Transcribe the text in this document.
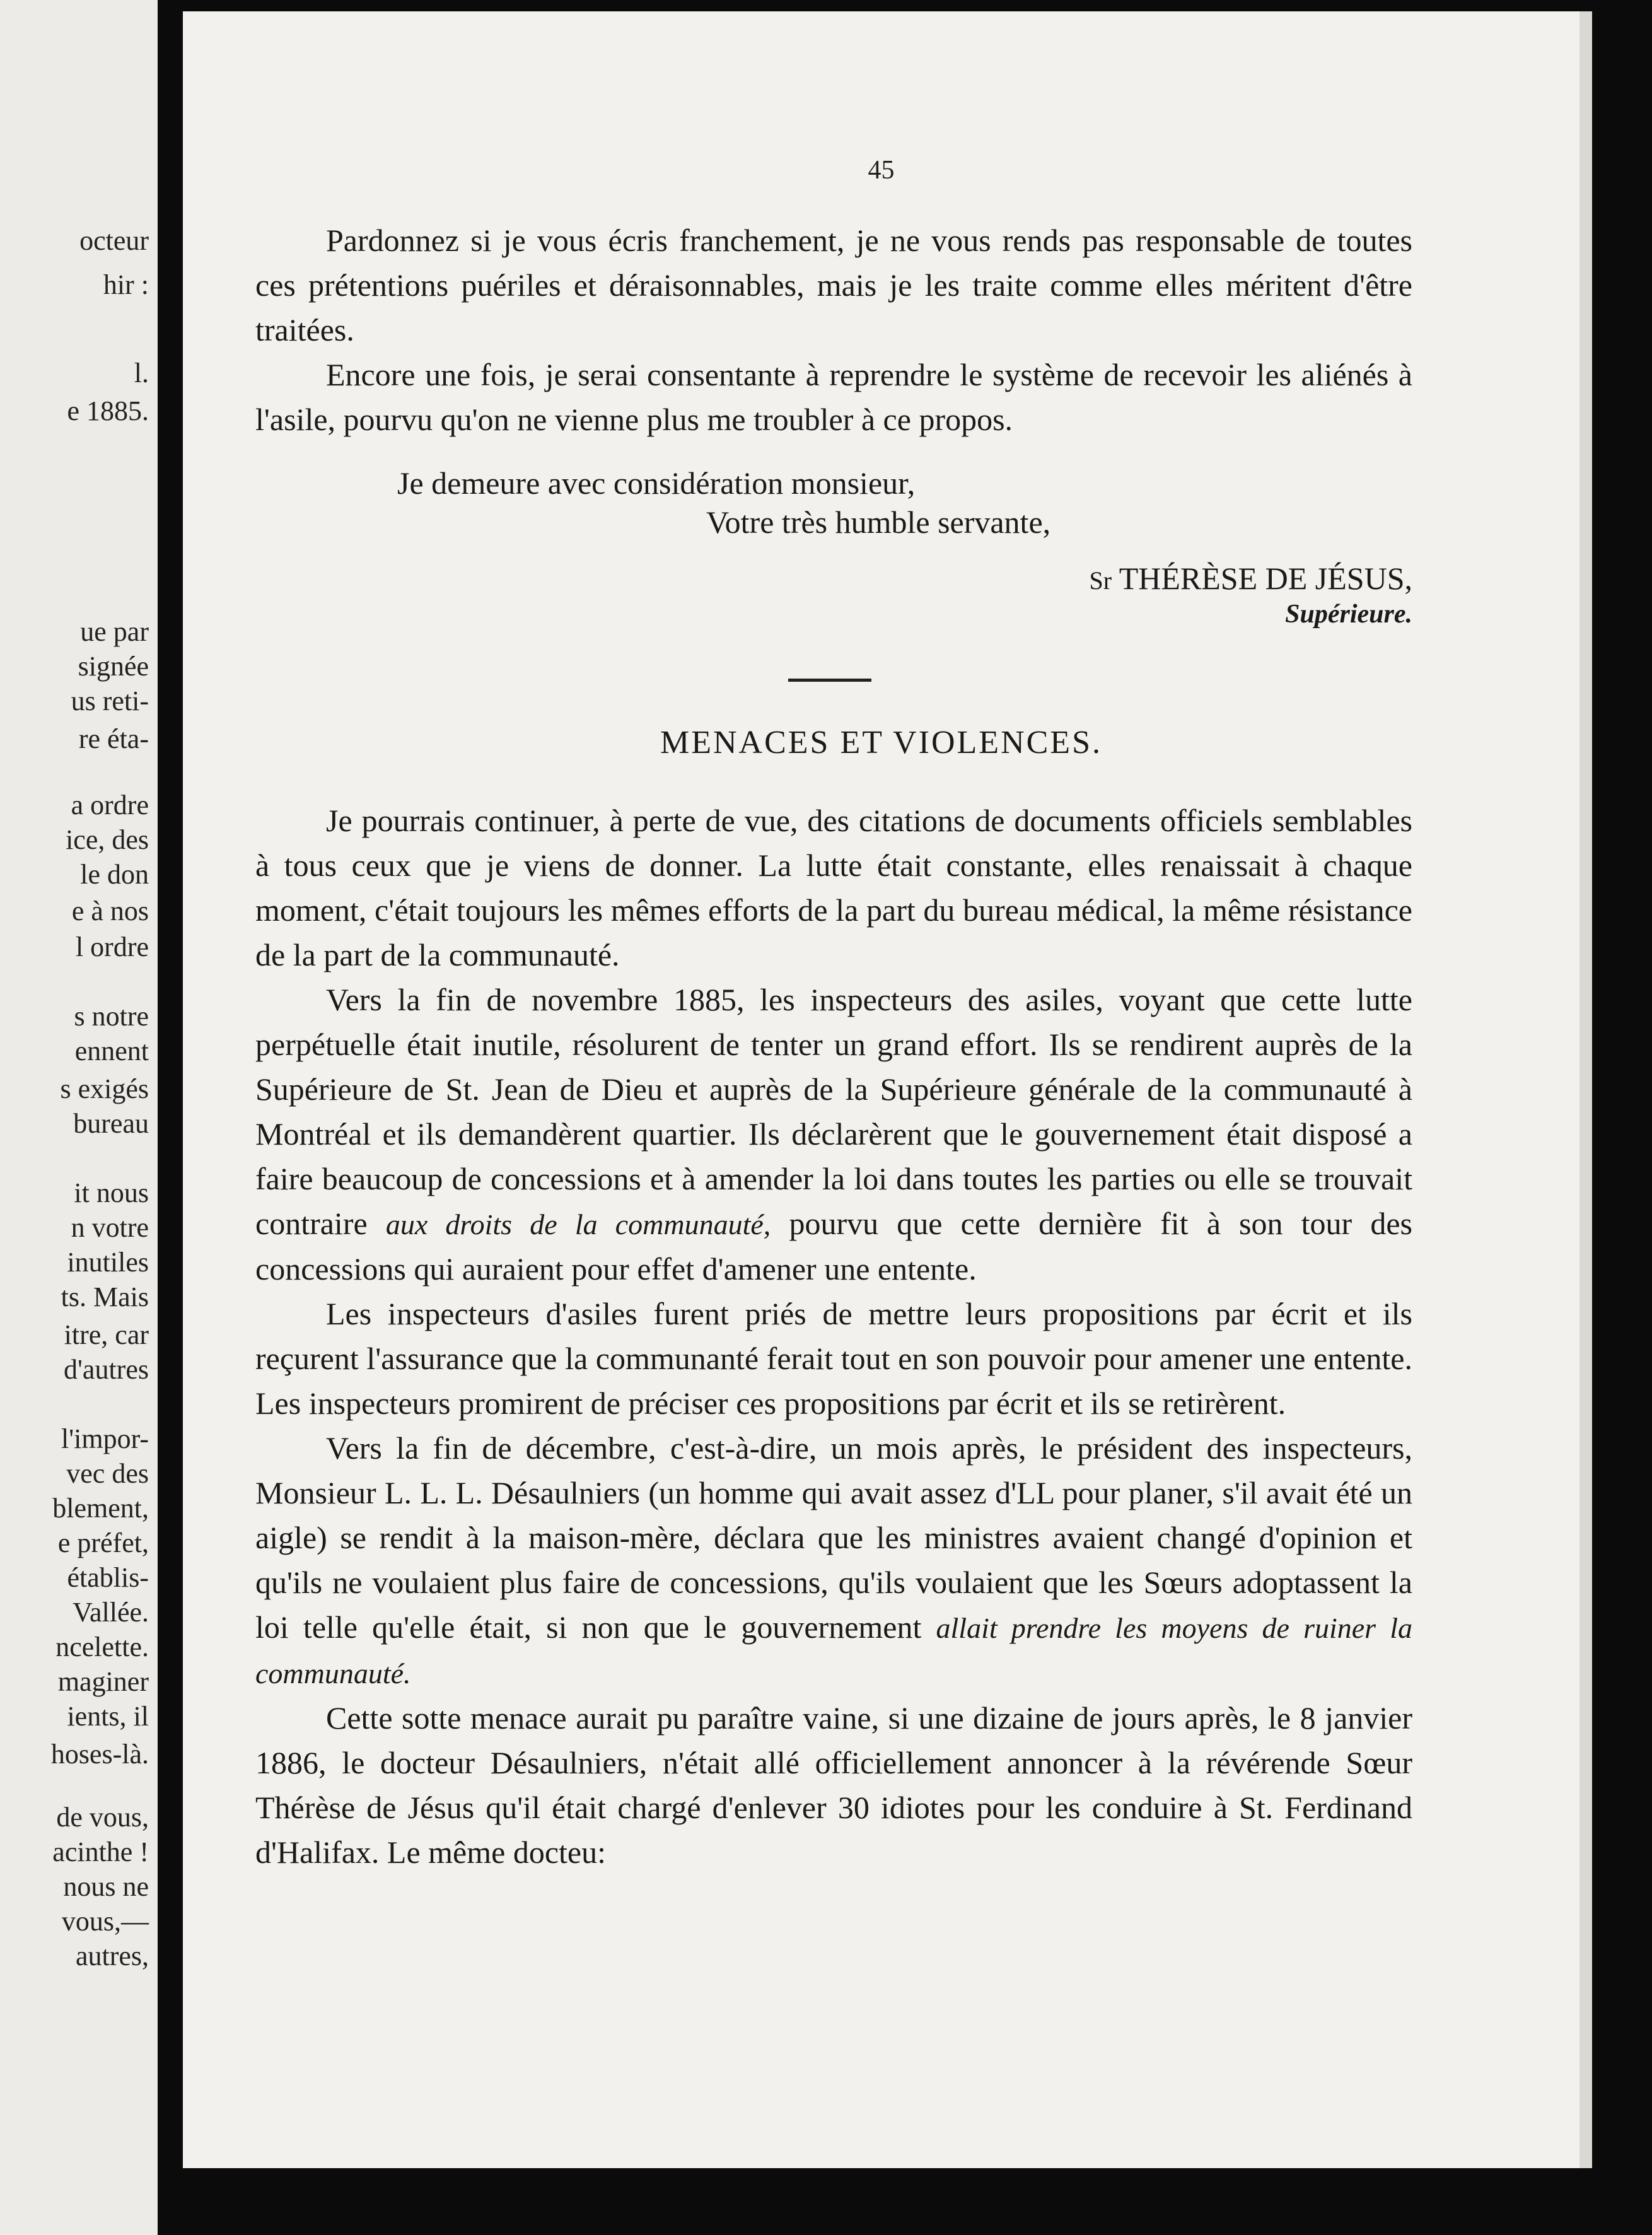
octeur
hir :
l.
e 1885.
ue par
signée
us reti-
re éta-
a ordre
ice, des
le don
e à nos
l ordre
s notre
ennent
s exigés
bureau
it nous
n votre
inutiles
ts. Mais
itre, car
d'autres
l'impor-
vec des
blement,
e préfet,
établis-
Vallée.
ncelette.
maginer
ients, il
hoses-là.
de vous,
acinthe !
nous ne
vous,—
autres,
45

Pardonnez si je vous écris franchement, je ne vous rends pas responsable de toutes ces prétentions puériles et déraisonnables, mais je les traite comme elles méritent d'être traitées.

Encore une fois, je serai consentante à reprendre le système de recevoir les aliénés à l'asile, pourvu qu'on ne vienne plus me troubler à ce propos.

Je demeure avec considération monsieur,
Votre très humble servante,
Sr THÉRÈSE DE JÉSUS,
Supérieure.
MENACES ET VIOLENCES.

Je pourrais continuer, à perte de vue, des citations de documents officiels semblables à tous ceux que je viens de donner. La lutte était constante, elles renaissait à chaque moment, c'était toujours les mêmes efforts de la part du bureau médical, la même résistance de la part de la communauté.

Vers la fin de novembre 1885, les inspecteurs des asiles, voyant que cette lutte perpétuelle était inutile, résolurent de tenter un grand effort. Ils se rendirent auprès de la Supérieure de St. Jean de Dieu et auprès de la Supérieure générale de la communauté à Montréal et ils demandèrent quartier. Ils déclarèrent que le gouvernement était disposé a faire beaucoup de concessions et à amender la loi dans toutes les parties ou elle se trouvait contraire aux droits de la communauté, pourvu que cette dernière fit à son tour des concessions qui auraient pour effet d'amener une entente.

Les inspecteurs d'asiles furent priés de mettre leurs propositions par écrit et ils reçurent l'assurance que la communanté ferait tout en son pouvoir pour amener une entente. Les inspecteurs promirent de préciser ces propositions par écrit et ils se retirèrent.

Vers la fin de décembre, c'est-à-dire, un mois après, le président des inspecteurs, Monsieur L. L. L. Désaulniers (un homme qui avait assez d'LL pour planer, s'il avait été un aigle) se rendit à la maison-mère, déclara que les ministres avaient changé d'opinion et qu'ils ne voulaient plus faire de concessions, qu'ils voulaient que les Sœurs adoptassent la loi telle qu'elle était, si non que le gouvernement allait prendre les moyens de ruiner la communauté.

Cette sotte menace aurait pu paraître vaine, si une dizaine de jours après, le 8 janvier 1886, le docteur Désaulniers, n'était allé officiellement annoncer à la révérende Sœur Thérèse de Jésus qu'il était chargé d'enlever 30 idiotes pour les conduire à St. Ferdinand d'Halifax. Le même docteu:
